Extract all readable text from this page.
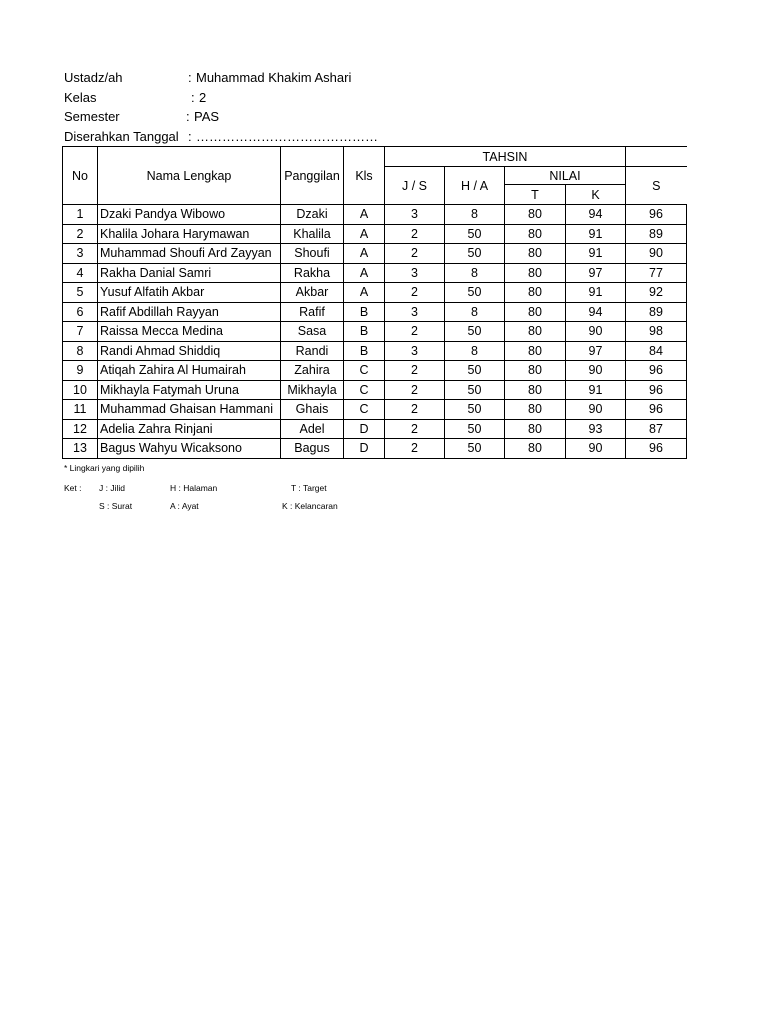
Ustadz/ah	: Muhammad Khakim Ashari
Kelas	: 2
Semester	: PAS
Diserahkan Tanggal : ……………………………………
No	Nama Lengkap	Panggilan	Kls	TAHSIN				
				J / S	H / A	NILAI		S
						T	K	
1	Dzaki Pandya Wibowo	Dzaki	A	3	8	80	94	96
2	Khalila Johara Harymawan	Khalila	A	2	50	80	91	89
3	Muhammad Shoufi Ard Zayyan	Shoufi	A	2	50	80	91	90
4	Rakha Danial Samri	Rakha	A	3	8	80	97	77
5	Yusuf Alfatih Akbar	Akbar	A	2	50	80	91	92
6	Rafif Abdillah Rayyan	Rafif	B	3	8	80	94	89
7	Raissa Mecca Medina	Sasa	B	2	50	80	90	98
8	Randi Ahmad Shiddiq	Randi	B	3	8	80	97	84
9	Atiqah Zahira Al Humairah	Zahira	C	2	50	80	90	96
10	Mikhayla Fatymah Uruna	Mikhayla	C	2	50	80	91	96
11	Muhammad Ghaisan Hammani	Ghais	C	2	50	80	90	96
12	Adelia Zahra Rinjani	Adel	D	2	50	80	93	87
13	Bagus Wahyu Wicaksono	Bagus	D	2	50	80	90	96
* Lingkari yang dipilih
Ket : J : Jilid	H : Halaman	T : Target
S : Surat	A : Ayat	K : Kelancaran
